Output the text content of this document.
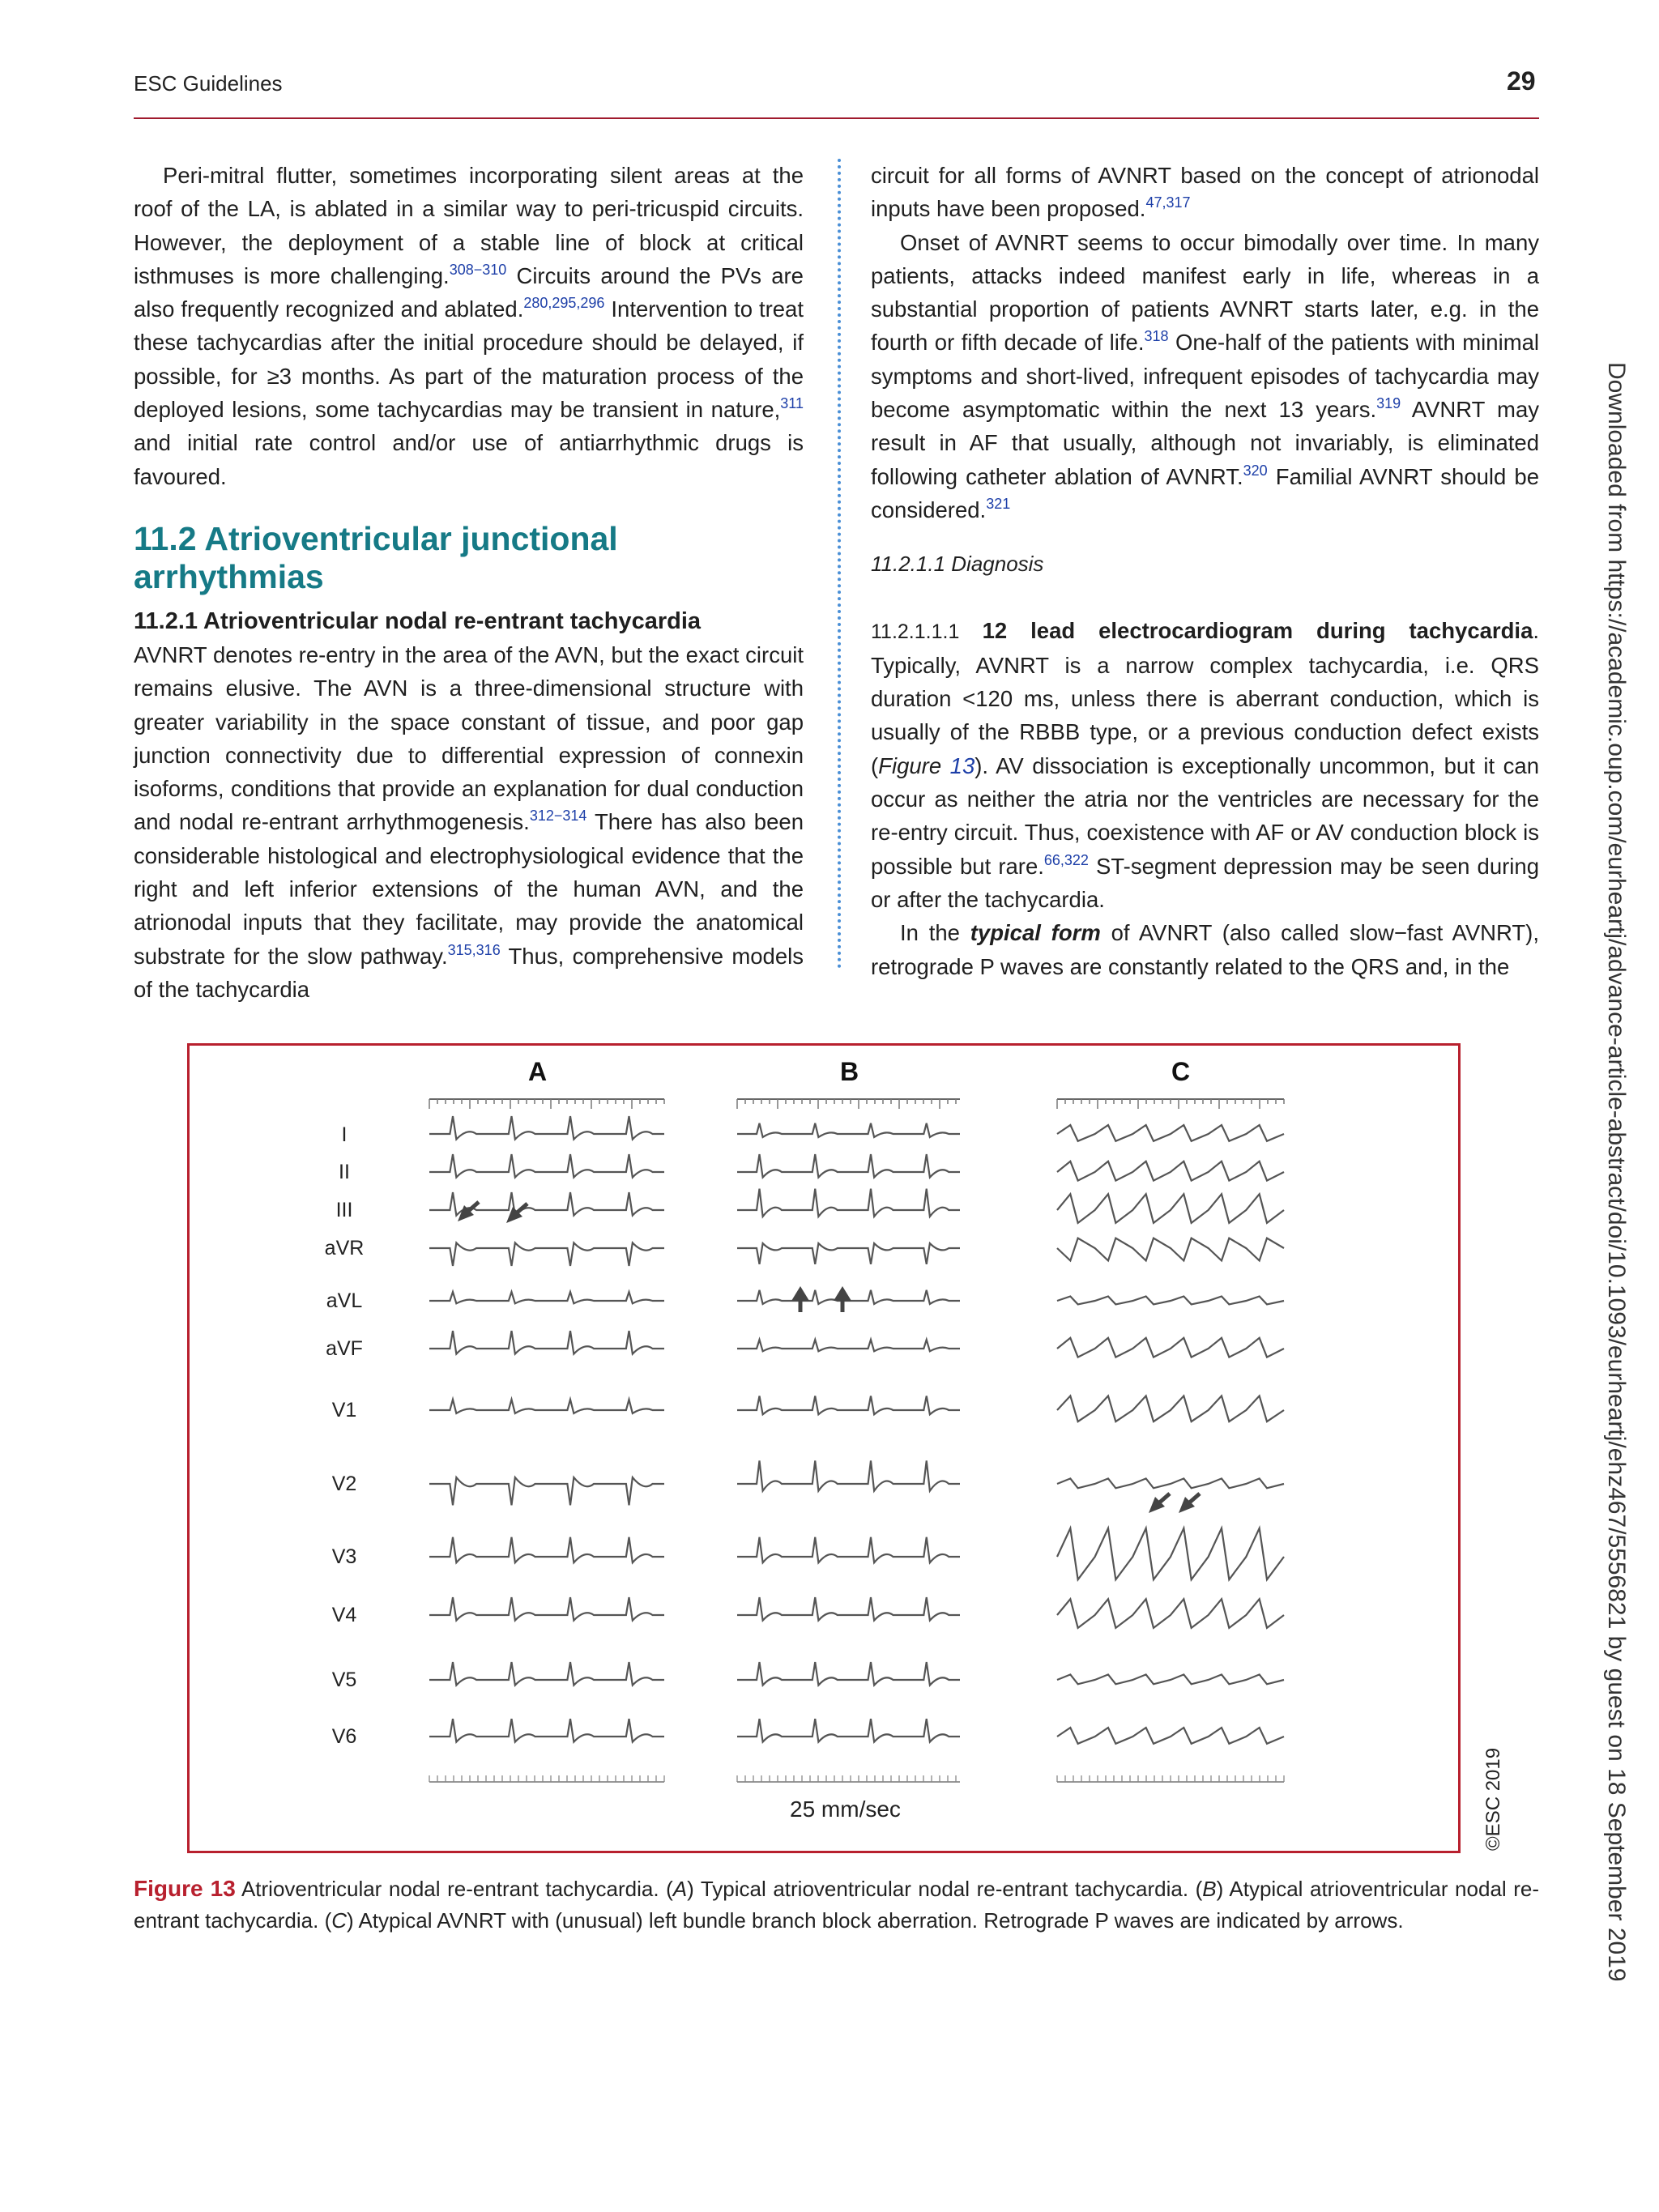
ESC Guidelines	29

Peri-mitral flutter, sometimes incorporating silent areas at the roof of the LA, is ablated in a similar way to peri-tricuspid circuits. However, the deployment of a stable line of block at critical isthmuses is more challenging.$^{308-310}$ Circuits around the PVs are also frequently recognized and ablated.$^{280,295,296}$ Intervention to treat these tachycardias after the initial procedure should be delayed, if possible, for ≥3 months. As part of the maturation process of the deployed lesions, some tachycardias may be transient in nature,$^{311}$ and initial rate control and/or use of antiarrhythmic drugs is favoured.

11.2 Atrioventricular junctional arrhythmias
11.2.1 Atrioventricular nodal re-entrant tachycardia

AVNRT denotes re-entry in the area of the AVN, but the exact circuit remains elusive. The AVN is a three-dimensional structure with greater variability in the space constant of tissue, and poor gap junction connectivity due to differential expression of connexin isoforms, conditions that provide an explanation for dual conduction and nodal re-entrant arrhythmogenesis.$^{312-314}$ There has also been considerable histological and electrophysiological evidence that the right and left inferior extensions of the human AVN, and the atrionodal inputs that they facilitate, may provide the anatomical substrate for the slow pathway.$^{315,316}$ Thus, comprehensive models of the tachycardia

circuit for all forms of AVNRT based on the concept of atrionodal inputs have been proposed.$^{47,317}$

Onset of AVNRT seems to occur bimodally over time. In many patients, attacks indeed manifest early in life, whereas in a substantial proportion of patients AVNRT starts later, e.g. in the fourth or fifth decade of life.$^{318}$ One-half of the patients with minimal symptoms and short-lived, infrequent episodes of tachycardia may become asymptomatic within the next 13 years.$^{319}$ AVNRT may result in AF that usually, although not invariably, is eliminated following catheter ablation of AVNRT.$^{320}$ Familial AVNRT should be considered.$^{321}$

11.2.1.1 Diagnosis

11.2.1.1.1 12 lead electrocardiogram during tachycardia. Typically, AVNRT is a narrow complex tachycardia, i.e. QRS duration <120 ms, unless there is aberrant conduction, which is usually of the RBBB type, or a previous conduction defect exists (Figure 13). AV dissociation is exceptionally uncommon, but it can occur as neither the atria nor the ventricles are necessary for the re-entry circuit. Thus, coexistence with AF or AV conduction block is possible but rare.$^{66,322}$ ST-segment depression may be seen during or after the tachycardia.

In the typical form of AVNRT (also called slow−fast AVNRT), retrograde P waves are constantly related to the QRS and, in the

A	B	C
I
II
III
aVR
aVL
aVF
V1
V2
V3
V4
V5
V6
25 mm/sec	©ESC 2019
Figure 13 Atrioventricular nodal re-entrant tachycardia. (A) Typical atrioventricular nodal re-entrant tachycardia. (B) Atypical atrioventricular nodal re-entrant tachycardia. (C) Atypical AVNRT with (unusual) left bundle branch block aberration. Retrograde P waves are indicated by arrows.	Downloaded from https://academic.oup.com/eurheartj/advance-article-abstract/doi/10.1093/eurheartj/ehz467/5556821 by guest on 18 September 2019
